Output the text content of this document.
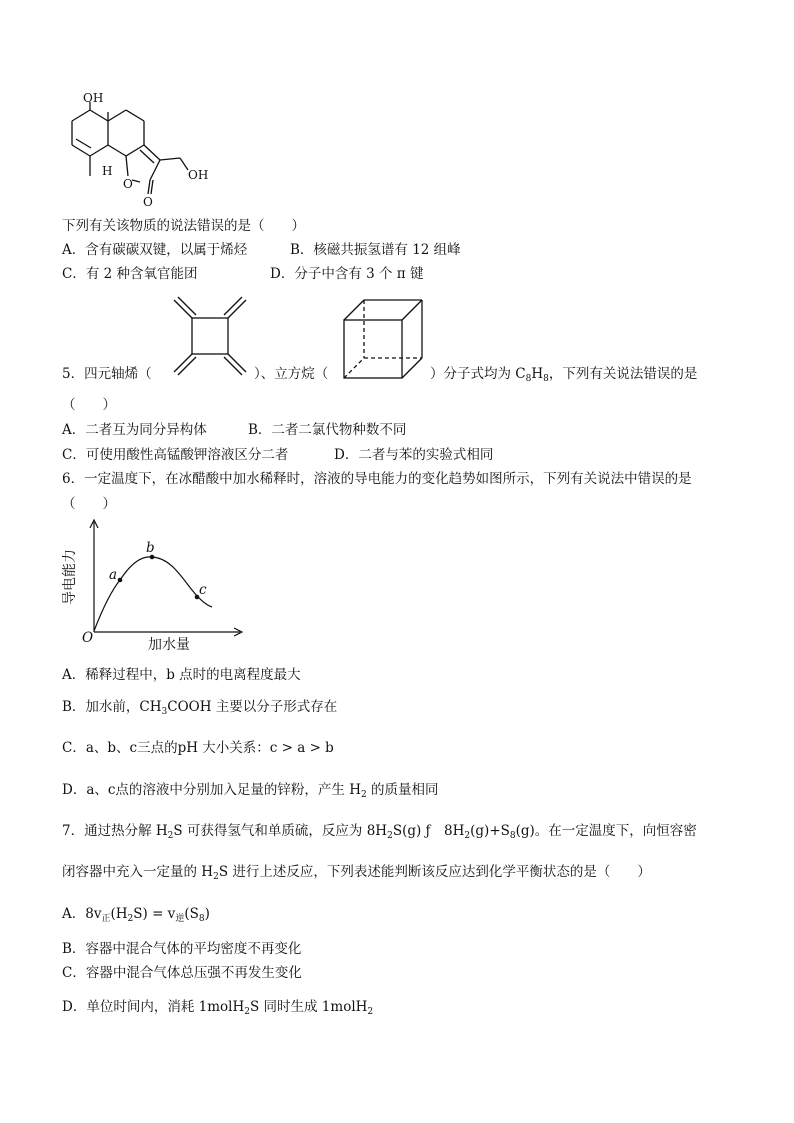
OH
H
O
O
OH
下列有关该物质的说法错误的是（　　）
A．含有碳碳双键，以属于烯烃	B．核磁共振氢谱有 12 组峰
C．有 2 种含氧官能团	D．分子中含有 3 个 π 键
5．四元轴烯（	）、立方烷（	）分子式均为 $C_8H_8$，下列有关说法错误的是
（　　）
A．二者互为同分异构体	B．二者二氯代物种数不同
C．可使用酸性高锰酸钾溶液区分二者	D．二者与苯的实验式相同
6．一定温度下，在冰醋酸中加水稀释时，溶液的导电能力的变化趋势如图所示，下列有关说法中错误的是
（　　）
导电能力
加水量
O
a
b
c
A．稀释过程中，b 点时的电离程度最大
B．加水前，$CH_3COOH$ 主要以分子形式存在
C．a、b、c三点的pH 大小关系：c > a > b
D．a、c点的溶液中分别加入足量的锌粉，产生 $H_2$ 的质量相同
7．通过热分解 $H_2S$ 可获得氢气和单质硫，反应为 $8H_2S(g)$ ƒ　$8H_2(g)+S_8(g)$。在一定温度下，向恒容密
闭容器中充入一定量的 $H_2S$ 进行上述反应，下列表述能判断该反应达到化学平衡状态的是（　　）
A．$8v_正(H_2S) = v_逆(S_8)$
B．容器中混合气体的平均密度不再变化
C．容器中混合气体总压强不再发生变化
D．单位时间内，消耗 1molH$_2$S 同时生成 1molH$_2$
